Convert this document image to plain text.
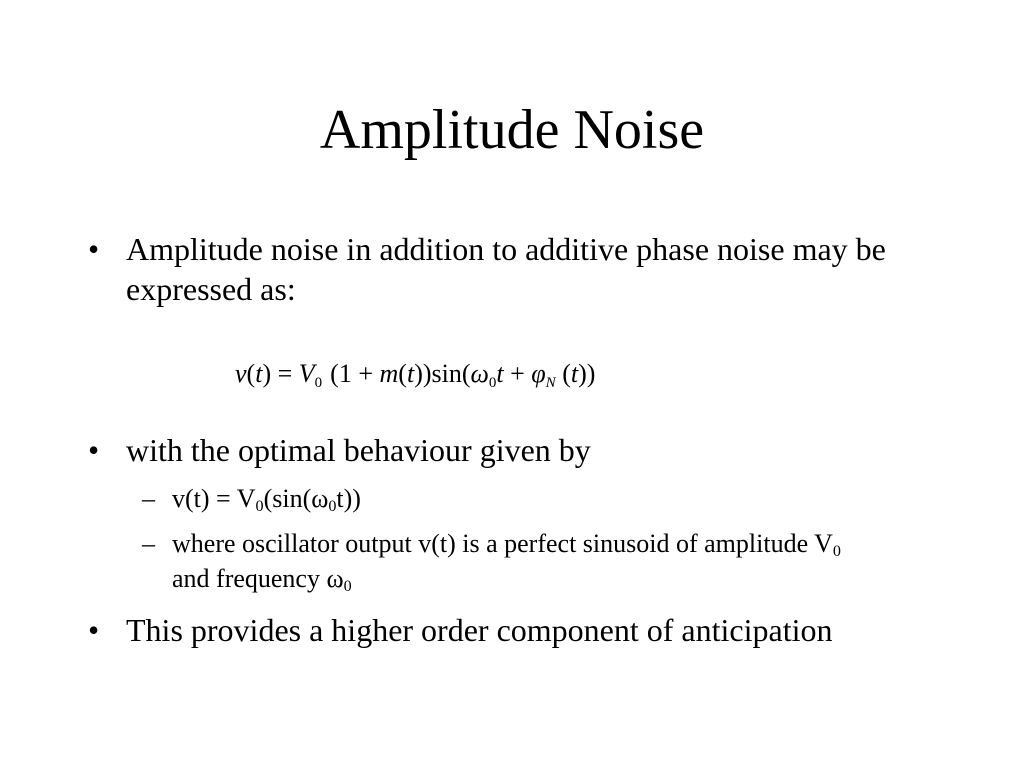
Amplitude Noise
• Amplitude noise in addition to additive phase noise may be expressed as:
v(t) = V0 (1 + m(t))sin(ω0t + φN (t))
• with the optimal behaviour given by
– $v(t) = V_0(\sin(\omega_0t))$
– where oscillator output v(t) is a perfect sinusoid of amplitude $V_0$ and frequency $\omega_0$
• This provides a higher order component of anticipation
